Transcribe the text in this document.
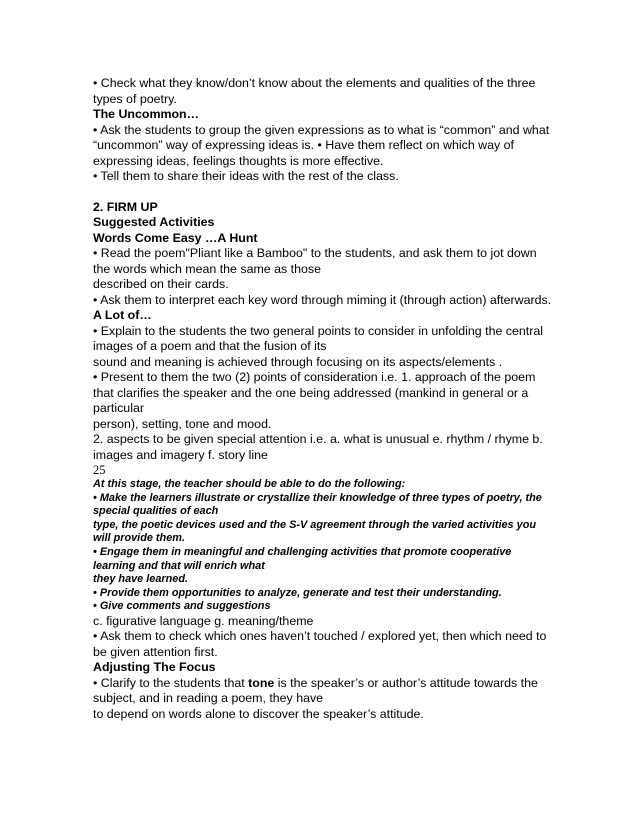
• Check what they know/don’t know about the elements and qualities of the three types of poetry.

The Uncommon…

• Ask the students to group the given expressions as to what is “common” and what “uncommon” way of expressing ideas is. • Have them reflect on which way of expressing ideas, feelings thoughts is more effective.

• Tell them to share their ideas with the rest of the class.

2. FIRM UP

Suggested Activities

Words Come Easy …A Hunt

• Read the poem"Pliant like a Bamboo" to the students, and ask them to jot down the words which mean the same as those

described on their cards.

• Ask them to interpret each key word through miming it (through action) afterwards.

A Lot of…

• Explain to the students the two general points to consider in unfolding the central images of a poem and that the fusion of its

sound and meaning is achieved through focusing on its aspects/elements .

• Present to them the two (2) points of consideration i.e. 1. approach of the poem that clarifies the speaker and the one being addressed (mankind in general or a particular

person), setting, tone and mood.

2. aspects to be given special attention i.e. a. what is unusual e. rhythm / rhyme b. images and imagery f. story line

25

At this stage, the teacher should be able to do the following:

• Make the learners illustrate or crystallize their knowledge of three types of poetry, the special qualities of each

type, the poetic devices used and the S-V agreement through the varied activities you will provide them.

• Engage them in meaningful and challenging activities that promote cooperative learning and that will enrich what

they have learned.

• Provide them opportunities to analyze, generate and test their understanding.

• Give comments and suggestions

c. figurative language g. meaning/theme

• Ask them to check which ones haven’t touched / explored yet, then which need to be given attention first.

Adjusting The Focus

• Clarify to the students that tone is the speaker’s or author’s attitude towards the subject, and in reading a poem, they have

to depend on words alone to discover the speaker’s attitude.
